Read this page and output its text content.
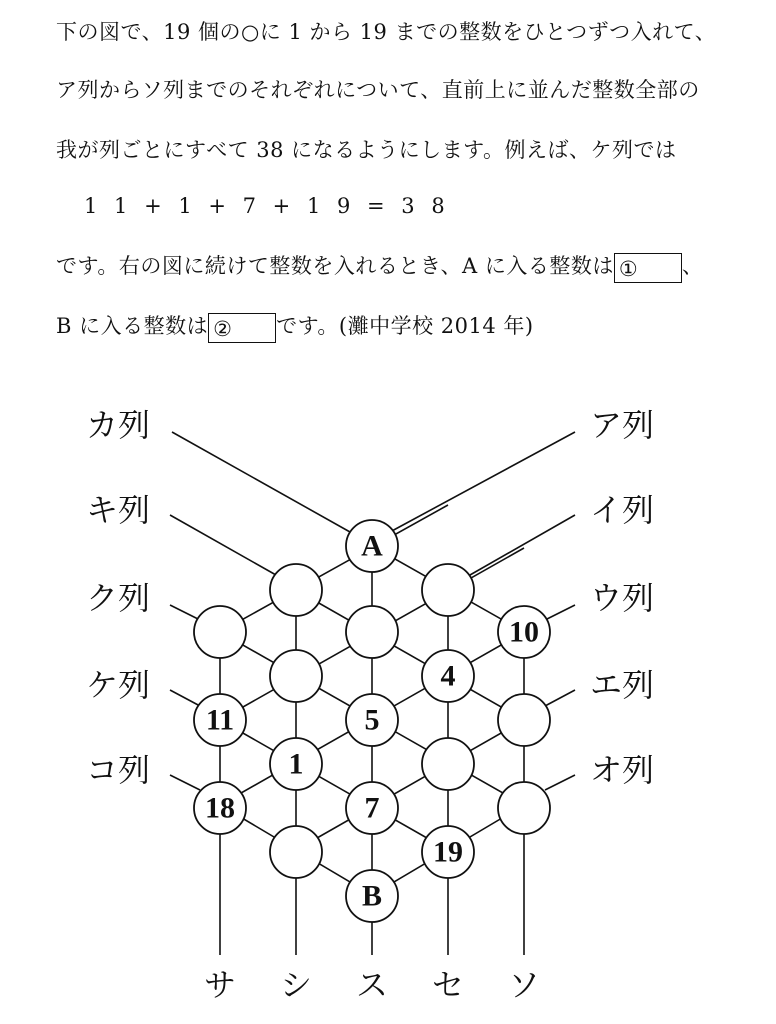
下の図で、19 個の○に 1 から 19 までの整数をひとつずつ入れて、
ア列からソ列までのそれぞれについて、直前上に並んだ整数全部の
我が列ごとにすべて 38 になるようにします。例えば、ケ列では
1 1 + 1 + 7 + 1 9 = 3 8
です。右の図に続けて整数を入れるとき、A に入る整数は ① 、
B に入る整数は ② です。(灘中学校 2014 年)
A
10
4
11	5
1
18	7
19
B
カ列
キ列
ク列
ケ列
コ列
ア列
イ列
ウ列
エ列
オ列
サ シ ス セ ソ
